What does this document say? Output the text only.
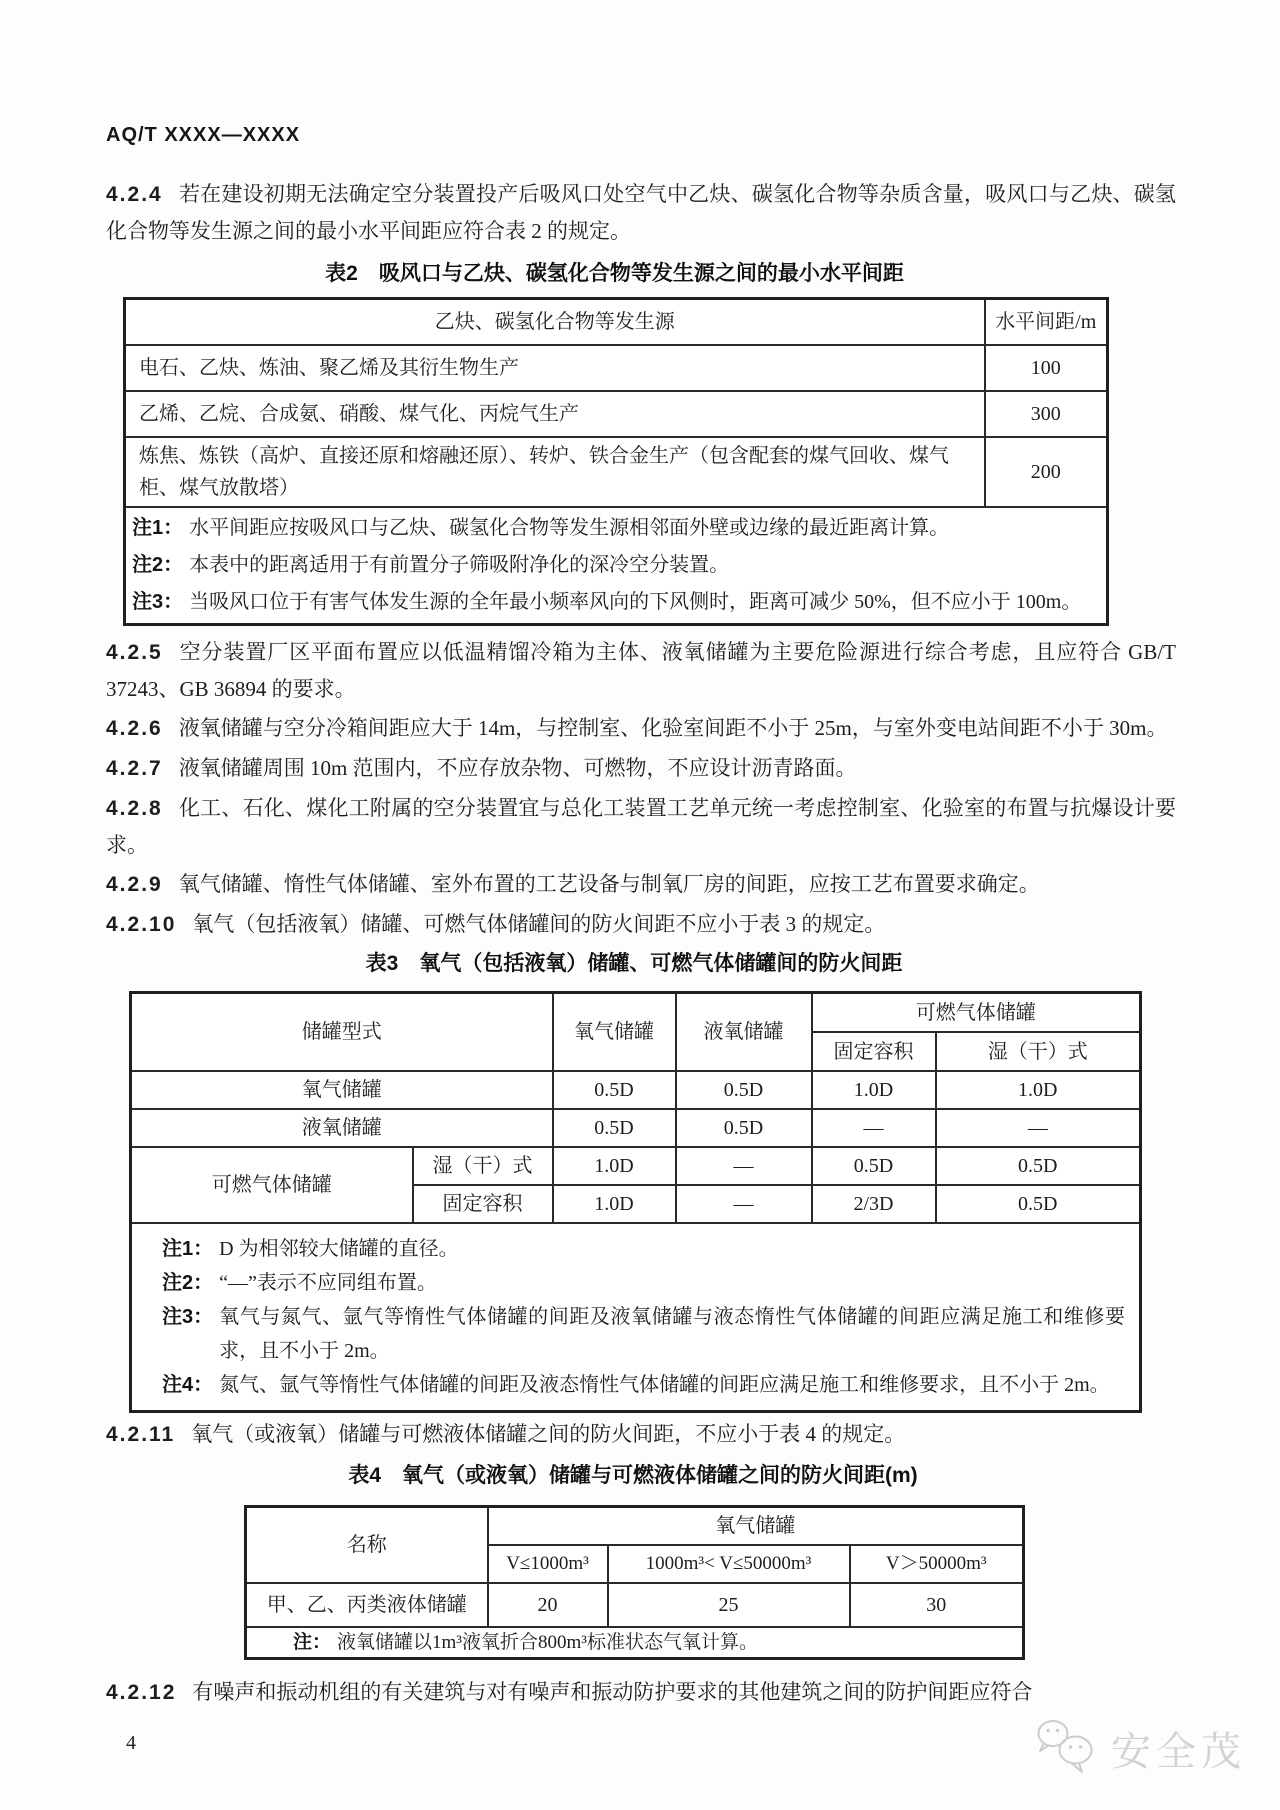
AQ/T XXXX—XXXX

4.2.4 若在建设初期无法确定空分装置投产后吸风口处空气中乙炔、碳氢化合物等杂质含量，吸风口与乙炔、碳氢化合物等发生源之间的最小水平间距应符合表 2 的规定。

表2　吸风口与乙炔、碳氢化合物等发生源之间的最小水平间距
乙炔、碳氢化合物等发生源	水平间距/m
电石、乙炔、炼油、聚乙烯及其衍生物生产	100
乙烯、乙烷、合成氨、硝酸、煤气化、丙烷气生产	300
炼焦、炼铁（高炉、直接还原和熔融还原）、转炉、铁合金生产（包含配套的煤气回收、煤气柜、煤气放散塔）	200

注1： 水平间距应按吸风口与乙炔、碳氢化合物等发生源相邻面外壁或边缘的最近距离计算。
注2： 本表中的距离适用于有前置分子筛吸附净化的深冷空分装置。
注3： 当吸风口位于有害气体发生源的全年最小频率风向的下风侧时，距离可减少 50%，但不应小于 100m。

4.2.5 空分装置厂区平面布置应以低温精馏冷箱为主体、液氧储罐为主要危险源进行综合考虑，且应符合 GB/T 37243、GB 36894 的要求。

4.2.6 液氧储罐与空分冷箱间距应大于 14m，与控制室、化验室间距不小于 25m，与室外变电站间距不小于 30m。

4.2.7 液氧储罐周围 10m 范围内，不应存放杂物、可燃物，不应设计沥青路面。

4.2.8 化工、石化、煤化工附属的空分装置宜与总化工装置工艺单元统一考虑控制室、化验室的布置与抗爆设计要求。

4.2.9 氧气储罐、惰性气体储罐、室外布置的工艺设备与制氧厂房的间距，应按工艺布置要求确定。

4.2.10 氧气（包括液氧）储罐、可燃气体储罐间的防火间距不应小于表 3 的规定。

表3　氧气（包括液氧）储罐、可燃气体储罐间的防火间距
储罐型式		氧气储罐	液氧储罐	可燃气体储罐	
				固定容积	湿（干）式
氧气储罐		0.5D	0.5D	1.0D	1.0D
液氧储罐		0.5D	0.5D	—	—
可燃气体储罐	湿（干）式	1.0D	—	0.5D	0.5D
	固定容积	1.0D	—	2/3D	0.5D

注1： D 为相邻较大储罐的直径。
注2： “—”表示不应同组布置。
注3： 氧气与氮气、氩气等惰性气体储罐的间距及液氧储罐与液态惰性气体储罐的间距应满足施工和维修要求，且不小于 2m。
注4： 氮气、氩气等惰性气体储罐的间距及液态惰性气体储罐的间距应满足施工和维修要求，且不小于 2m。

4.2.11 氧气（或液氧）储罐与可燃液体储罐之间的防火间距，不应小于表 4 的规定。

表4　氧气（或液氧）储罐与可燃液体储罐之间的防火间距(m)
名称	氧气储罐		
	V≤1000m³	1000m³< V≤50000m³	V＞50000m³
甲、乙、丙类液体储罐	20	25	30

注： 液氧储罐以1m³液氧折合800m³标准状态气氧计算。			

4.2.12 有噪声和振动机组的有关建筑与对有噪声和振动防护要求的其他建筑之间的防护间距应符合

4	安全茂
